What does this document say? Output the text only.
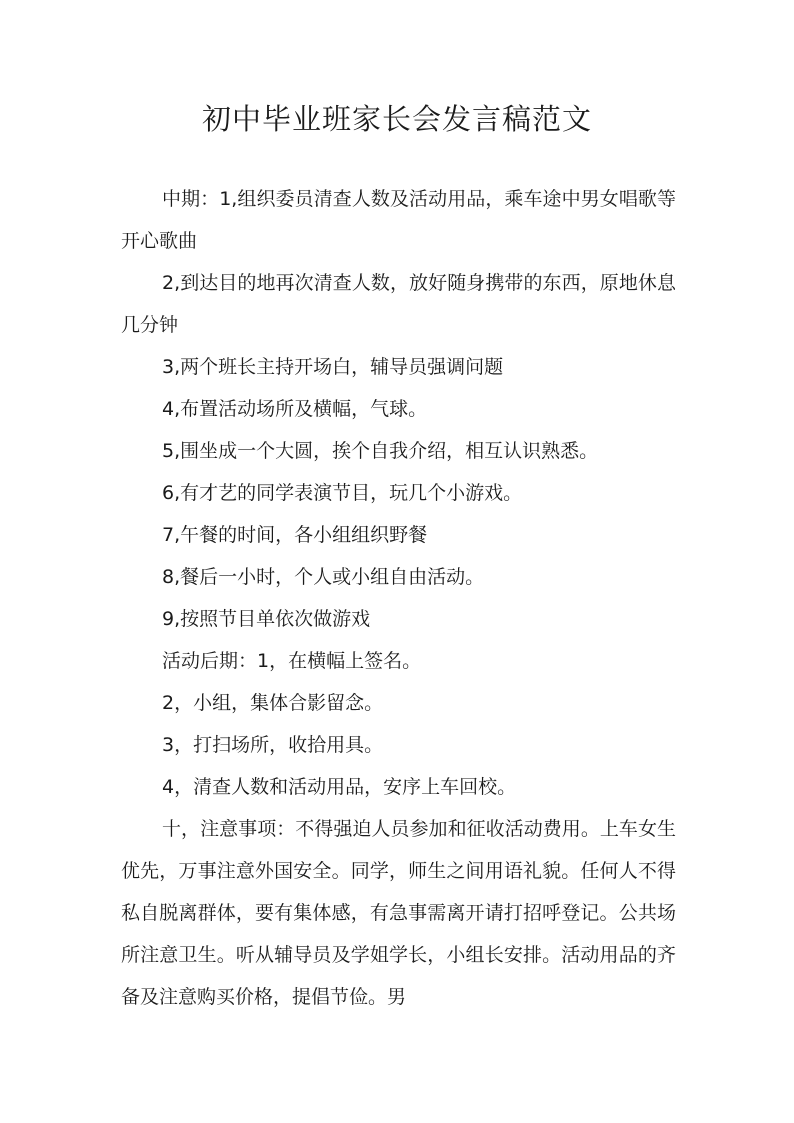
初中毕业班家长会发言稿范文

中期：1,组织委员清查人数及活动用品，乘车途中男女唱歌等开心歌曲

2,到达目的地再次清查人数，放好随身携带的东西，原地休息几分钟

3,两个班长主持开场白，辅导员强调问题

4,布置活动场所及横幅，气球。

5,围坐成一个大圆，挨个自我介绍，相互认识熟悉。

6,有才艺的同学表演节目，玩几个小游戏。

7,午餐的时间，各小组组织野餐

8,餐后一小时，个人或小组自由活动。

9,按照节目单依次做游戏

活动后期：1，在横幅上签名。

2，小组，集体合影留念。

3，打扫场所，收拾用具。

4，清查人数和活动用品，安序上车回校。

十，注意事项：不得强迫人员参加和征收活动费用。上车女生优先，万事注意外国安全。同学，师生之间用语礼貌。任何人不得私自脱离群体，要有集体感，有急事需离开请打招呼登记。公共场所注意卫生。听从辅导员及学姐学长，小组长安排。活动用品的齐备及注意购买价格，提倡节俭。男
